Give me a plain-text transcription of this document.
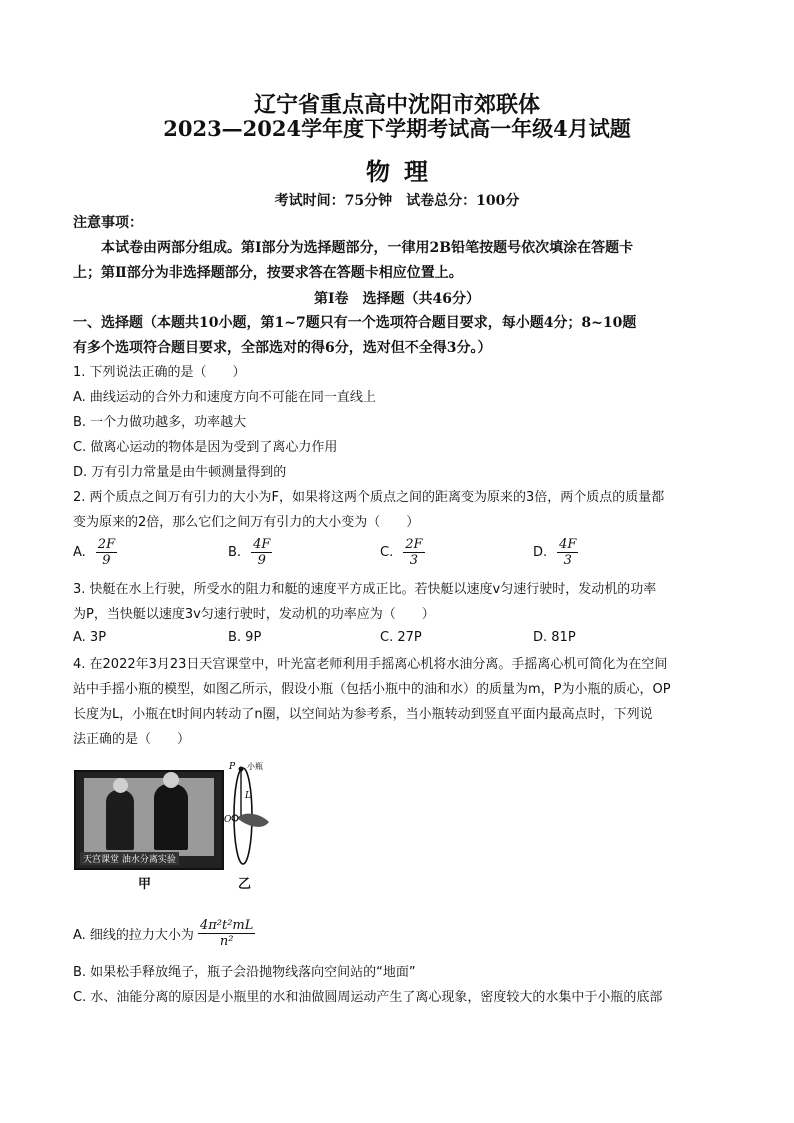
辽宁省重点高中沈阳市郊联体
2023—2024学年度下学期考试高一年级4月试题
物理
考试时间：75分钟 试卷总分：100分
注意事项：
本试卷由两部分组成。第Ⅰ部分为选择题部分，一律用2B铅笔按题号依次填涂在答题卡
上；第Ⅱ部分为非选择题部分，按要求答在答题卡相应位置上。
第Ⅰ卷　选择题（共46分）
一、选择题（本题共10小题，第1~7题只有一个选项符合题目要求，每小题4分；8~10题
有多个选项符合题目要求，全部选对的得6分，选对但不全得3分。）
1. 下列说法正确的是（　　）
A. 曲线运动的合外力和速度方向不可能在同一直线上
B. 一个力做功越多，功率越大
C. 做离心运动的物体是因为受到了离心力作用
D. 万有引力常量是由牛顿测量得到的
2. 两个质点之间万有引力的大小为F，如果将这两个质点之间的距离变为原来的3倍，两个质点的质量都
变为原来的2倍，那么它们之间万有引力的大小变为（　　）
A. $\frac{2F}{9}$	B. $\frac{4F}{9}$	C. $\frac{2F}{3}$	D. $\frac{4F}{3}$
3. 快艇在水上行驶，所受水的阻力和艇的速度平方成正比。若快艇以速度v匀速行驶时，发动机的功率
为P，当快艇以速度3v匀速行驶时，发动机的功率应为（　　）
A. 3P	B. 9P	C. 27P	D. 81P
4. 在2022年3月23日天宫课堂中，叶光富老师利用手摇离心机将水油分离。手摇离心机可简化为在空间
站中手摇小瓶的模型，如图乙所示，假设小瓶（包括小瓶中的油和水）的质量为m，P为小瓶的质心，OP
长度为L，小瓶在t时间内转动了n圈，以空间站为参考系，当小瓶转动到竖直平面内最高点时，下列说
法正确的是（　　）
天宫课堂 油水分离实验
甲
P 小瓶
L
O
乙
A. 细线的拉力大小为 $\frac{\text{4π²t²mL}}{\text{n²}}$
B. 如果松手释放绳子，瓶子会沿抛物线落向空间站的“地面”
C. 水、油能分离的原因是小瓶里的水和油做圆周运动产生了离心现象，密度较大的水集中于小瓶的底部
